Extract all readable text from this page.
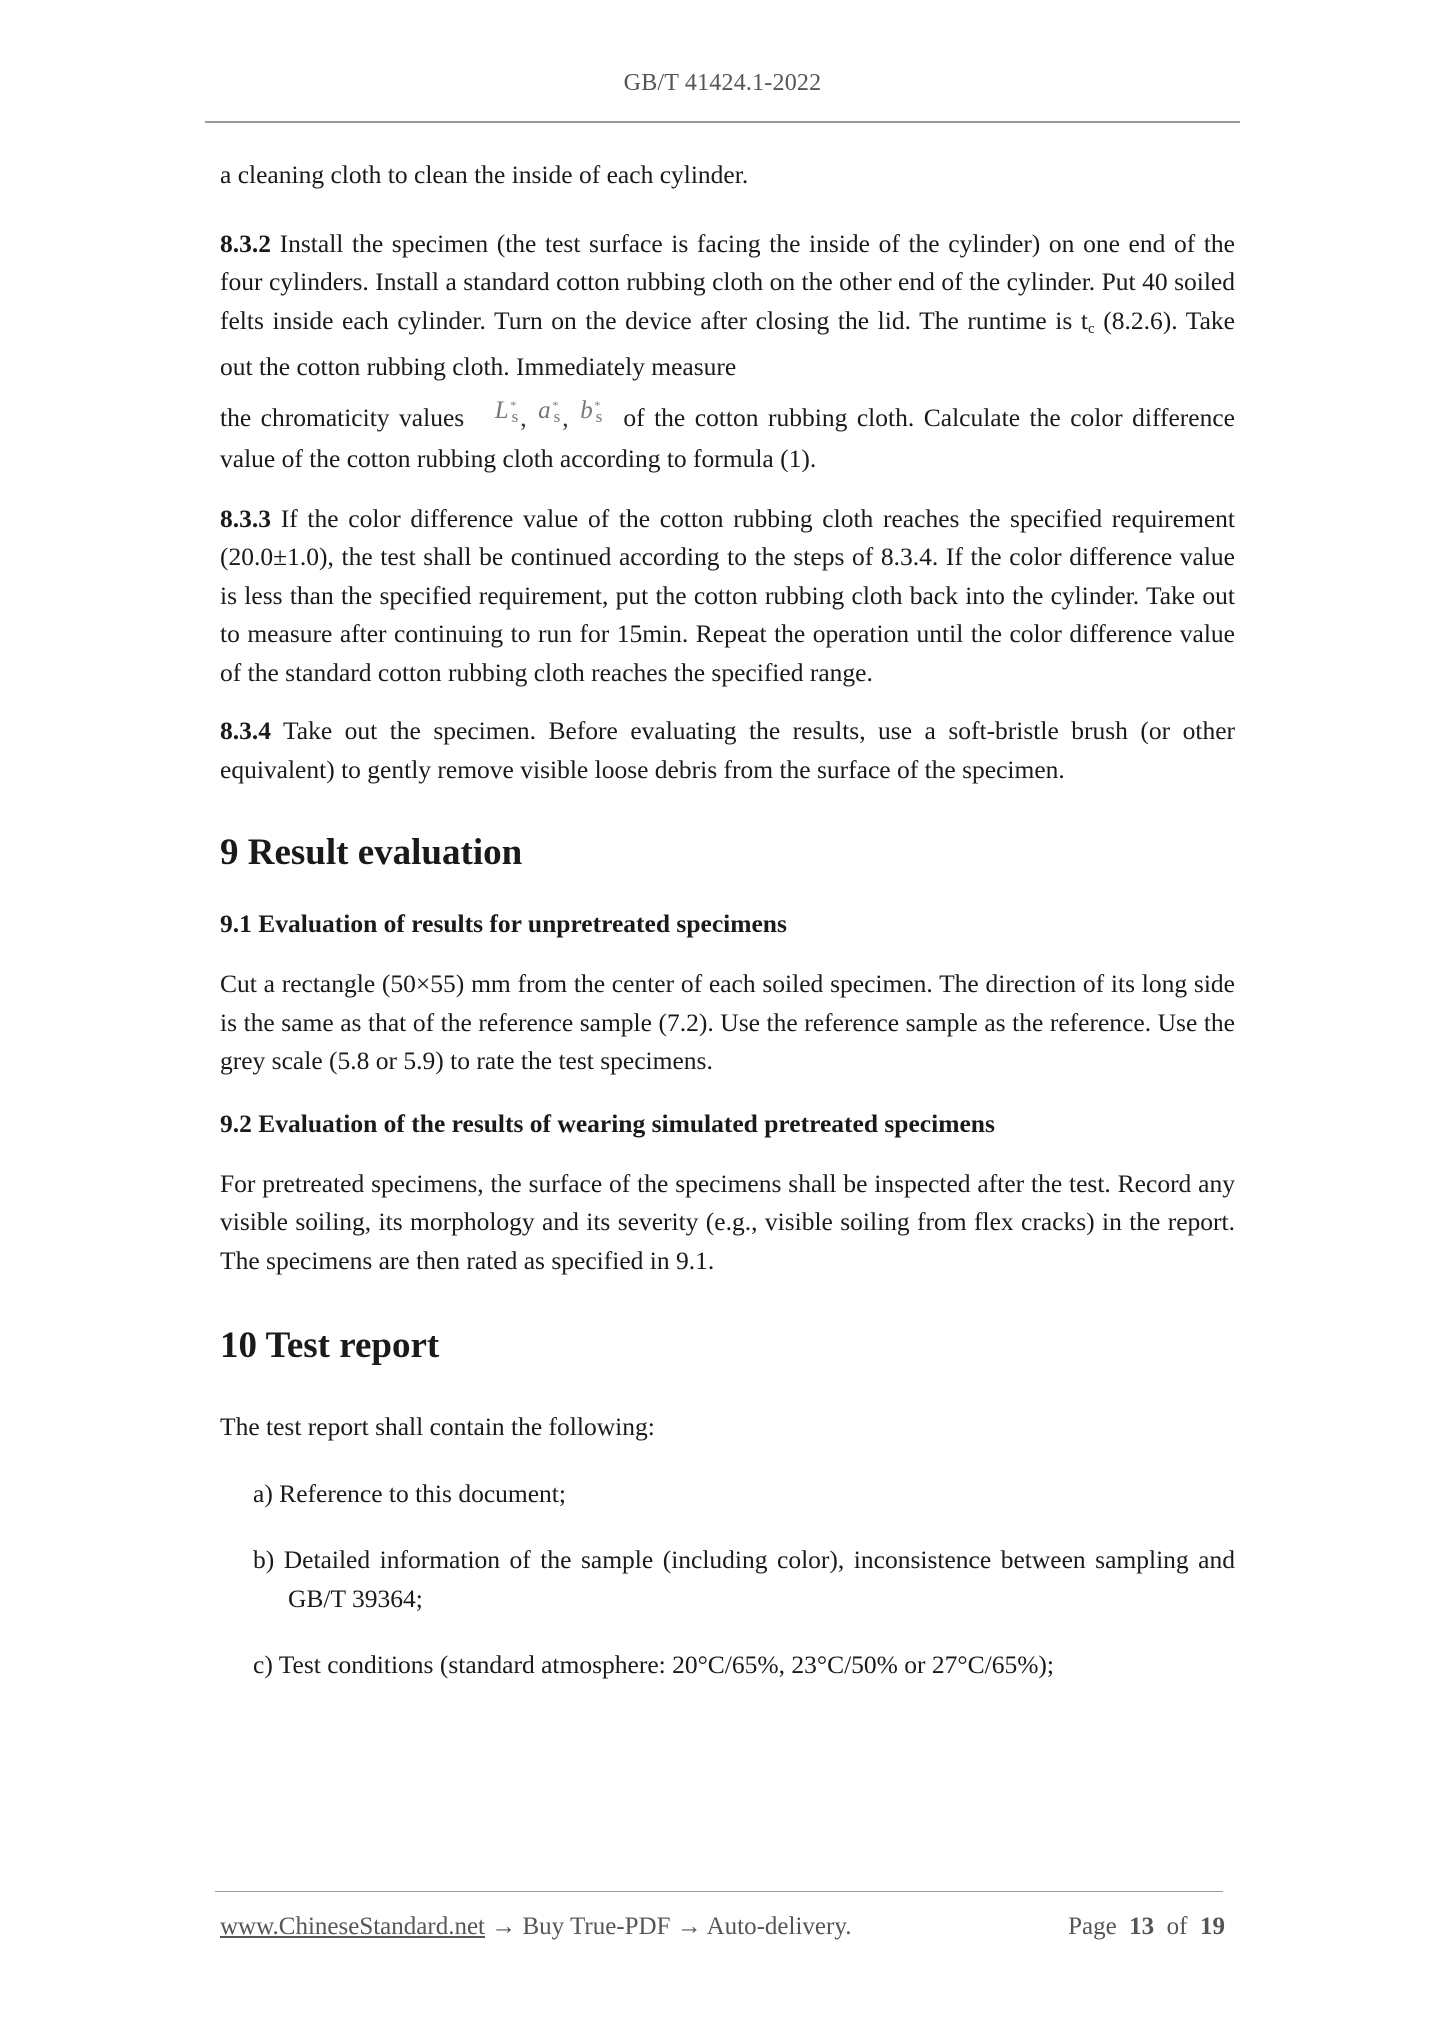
GB/T 41424.1-2022

a cleaning cloth to clean the inside of each cylinder.

8.3.2 Install the specimen (the test surface is facing the inside of the cylinder) on one end of the four cylinders. Install a standard cotton rubbing cloth on the other end of the cylinder. Put 40 soiled felts inside each cylinder. Turn on the device after closing the lid. The runtime is $t_c$ (8.2.6). Take out the cotton rubbing cloth. Immediately measure

the chromaticity values L s
* , a s
* , b s
* of the cotton rubbing cloth. Calculate the color difference value of the cotton rubbing cloth according to formula (1).

8.3.3 If the color difference value of the cotton rubbing cloth reaches the specified requirement (20.0±1.0), the test shall be continued according to the steps of 8.3.4. If the color difference value is less than the specified requirement, put the cotton rubbing cloth back into the cylinder. Take out to measure after continuing to run for 15min. Repeat the operation until the color difference value of the standard cotton rubbing cloth reaches the specified range.

8.3.4 Take out the specimen. Before evaluating the results, use a soft-bristle brush (or other equivalent) to gently remove visible loose debris from the surface of the specimen.

9 Result evaluation
9.1 Evaluation of results for unpretreated specimens

Cut a rectangle (50×55) mm from the center of each soiled specimen. The direction of its long side is the same as that of the reference sample (7.2). Use the reference sample as the reference. Use the grey scale (5.8 or 5.9) to rate the test specimens.

9.2 Evaluation of the results of wearing simulated pretreated specimens

For pretreated specimens, the surface of the specimens shall be inspected after the test. Record any visible soiling, its morphology and its severity (e.g., visible soiling from flex cracks) in the report. The specimens are then rated as specified in 9.1.

10 Test report

The test report shall contain the following:

a) Reference to this document;

b) Detailed information of the sample (including color), inconsistence between sampling and GB/T 39364;

c) Test conditions (standard atmosphere: 20°C/65%, 23°C/50% or 27°C/65%);

www.ChineseStandard.net → Buy True-PDF → Auto-delivery.	Page 13 of 19
